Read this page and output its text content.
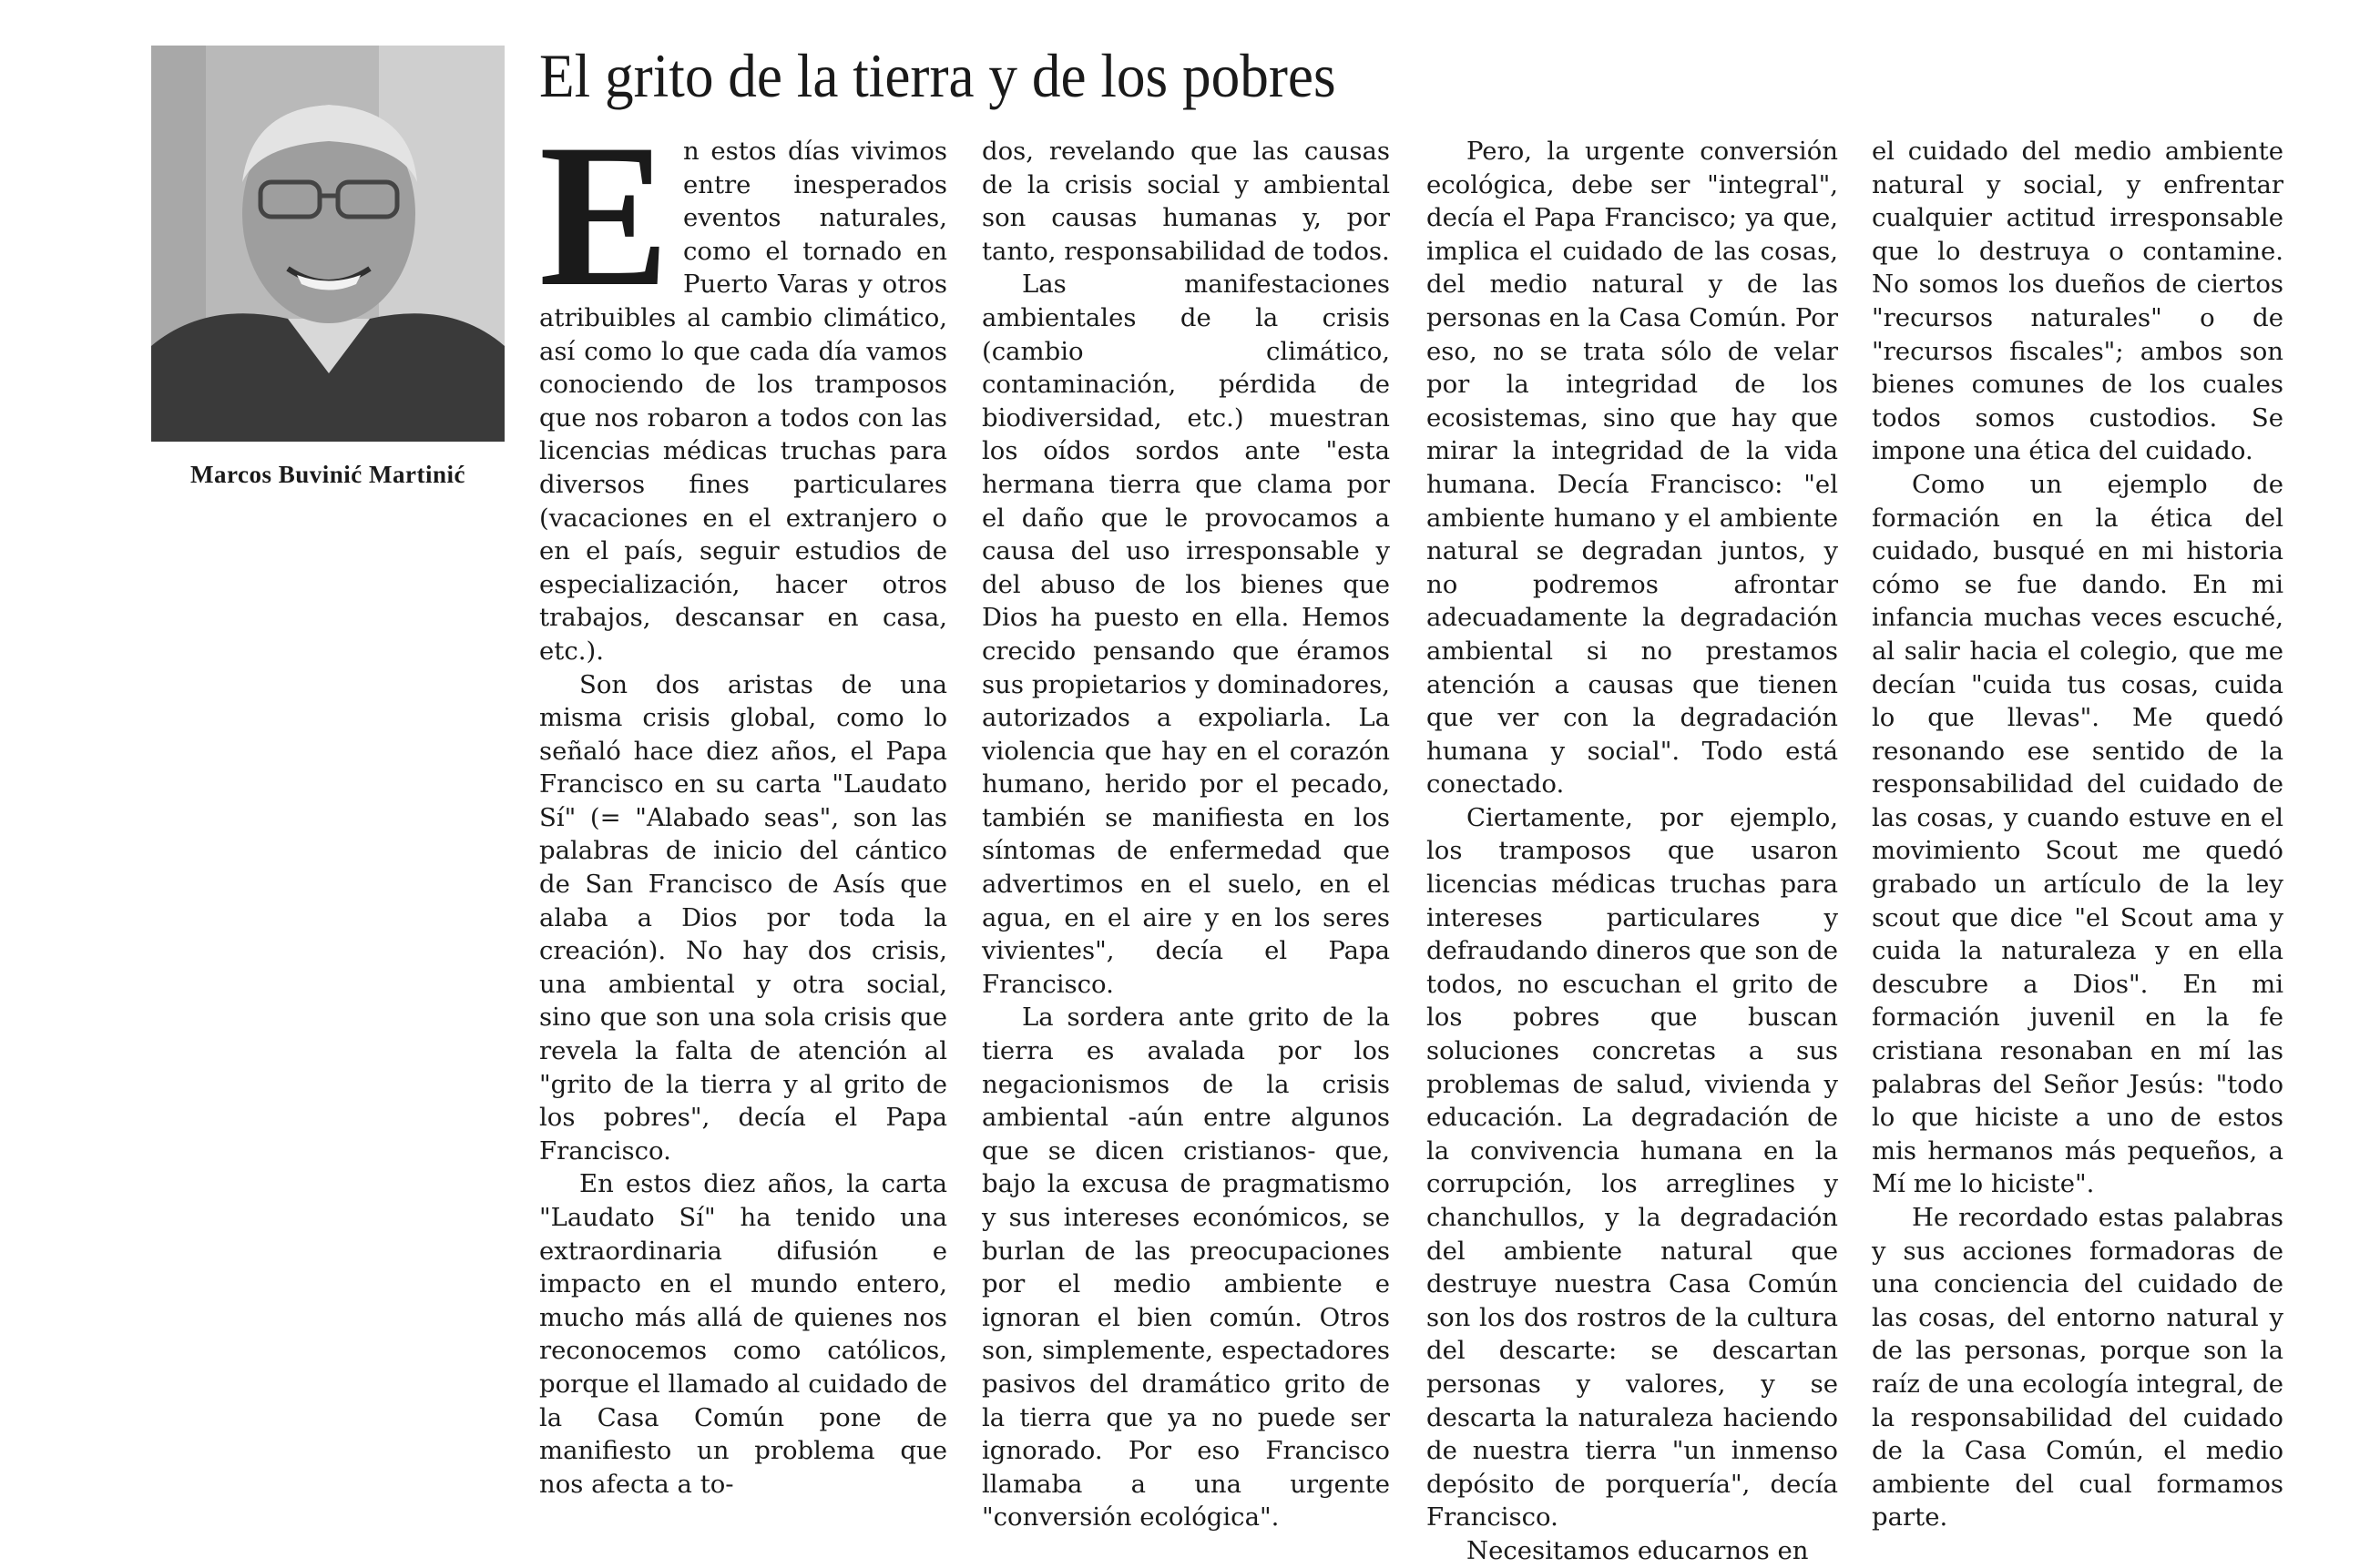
Marcos Buvinić Martinić
El grito de la tierra y de los pobres

E n estos días vivimos entre inesperados eventos naturales, como el tornado en Puerto Varas y otros atribuibles al cambio climático, así como lo que cada día vamos conociendo de los tramposos que nos robaron a todos con las licencias médicas truchas para diversos fines particulares (vacaciones en el extranjero o en el país, seguir estudios de especialización, hacer otros trabajos, descansar en casa, etc.).

Son dos aristas de una misma crisis global, como lo señaló hace diez años, el Papa Francisco en su carta "Laudato Sí" (= "Alabado seas", son las palabras de inicio del cántico de San Francisco de Asís que alaba a Dios por toda la creación). No hay dos crisis, una ambiental y otra social, sino que son una sola crisis que revela la falta de atención al "grito de la tierra y al grito de los pobres", decía el Papa Francisco.

En estos diez años, la carta "Laudato Sí" ha tenido una extraordinaria difusión e impacto en el mundo entero, mucho más allá de quienes nos reconocemos como católicos, porque el llamado al cuidado de la Casa Común pone de manifiesto un problema que nos afecta a to-

dos, revelando que las causas de la crisis social y ambiental son causas humanas y, por tanto, responsabilidad de todos.

Las manifestaciones ambientales de la crisis (cambio climático, contaminación, pérdida de biodiversidad, etc.) muestran los oídos sordos ante "esta hermana tierra que clama por el daño que le provocamos a causa del uso irresponsable y del abuso de los bienes que Dios ha puesto en ella. Hemos crecido pensando que éramos sus propietarios y dominadores, autorizados a expoliarla. La violencia que hay en el corazón humano, herido por el pecado, también se manifiesta en los síntomas de enfermedad que advertimos en el suelo, en el agua, en el aire y en los seres vivientes", decía el Papa Francisco.

La sordera ante grito de la tierra es avalada por los negacionismos de la crisis ambiental -aún entre algunos que se dicen cristianos- que, bajo la excusa de pragmatismo y sus intereses económicos, se burlan de las preocupaciones por el medio ambiente e ignoran el bien común. Otros son, simplemente, espectadores pasivos del dramático grito de la tierra que ya no puede ser ignorado. Por eso Francisco llamaba a una urgente "conversión ecológica".

Pero, la urgente conversión ecológica, debe ser "integral", decía el Papa Francisco; ya que, implica el cuidado de las cosas, del medio natural y de las personas en la Casa Común. Por eso, no se trata sólo de velar por la integridad de los ecosistemas, sino que hay que mirar la integridad de la vida humana. Decía Francisco: "el ambiente humano y el ambiente natural se degradan juntos, y no podremos afrontar adecuadamente la degradación ambiental si no prestamos atención a causas que tienen que ver con la degradación humana y social". Todo está conectado.

Ciertamente, por ejemplo, los tramposos que usaron licencias médicas truchas para intereses particulares y defraudando dineros que son de todos, no escuchan el grito de los pobres que buscan soluciones concretas a sus problemas de salud, vivienda y educación. La degradación de la convivencia humana en la corrupción, los arreglines y chanchullos, y la degradación del ambiente natural que destruye nuestra Casa Común son los dos rostros de la cultura del descarte: se descartan personas y valores, y se descarta la naturaleza haciendo de nuestra tierra "un inmenso depósito de porquería", decía Francisco.

Necesitamos educarnos en

el cuidado del medio ambiente natural y social, y enfrentar cualquier actitud irresponsable que lo destruya o contamine. No somos los dueños de ciertos "recursos naturales" o de "recursos fiscales"; ambos son bienes comunes de los cuales todos somos custodios. Se impone una ética del cuidado.

Como un ejemplo de formación en la ética del cuidado, busqué en mi historia cómo se fue dando. En mi infancia muchas veces escuché, al salir hacia el colegio, que me decían "cuida tus cosas, cuida lo que llevas". Me quedó resonando ese sentido de la responsabilidad del cuidado de las cosas, y cuando estuve en el movimiento Scout me quedó grabado un artículo de la ley scout que dice "el Scout ama y cuida la naturaleza y en ella descubre a Dios". En mi formación juvenil en la fe cristiana resonaban en mí las palabras del Señor Jesús: "todo lo que hiciste a uno de estos mis hermanos más pequeños, a Mí me lo hiciste".

He recordado estas palabras y sus acciones formadoras de una conciencia del cuidado de las cosas, del entorno natural y de las personas, porque son la raíz de una ecología integral, de la responsabilidad del cuidado de la Casa Común, el medio ambiente del cual formamos parte.
